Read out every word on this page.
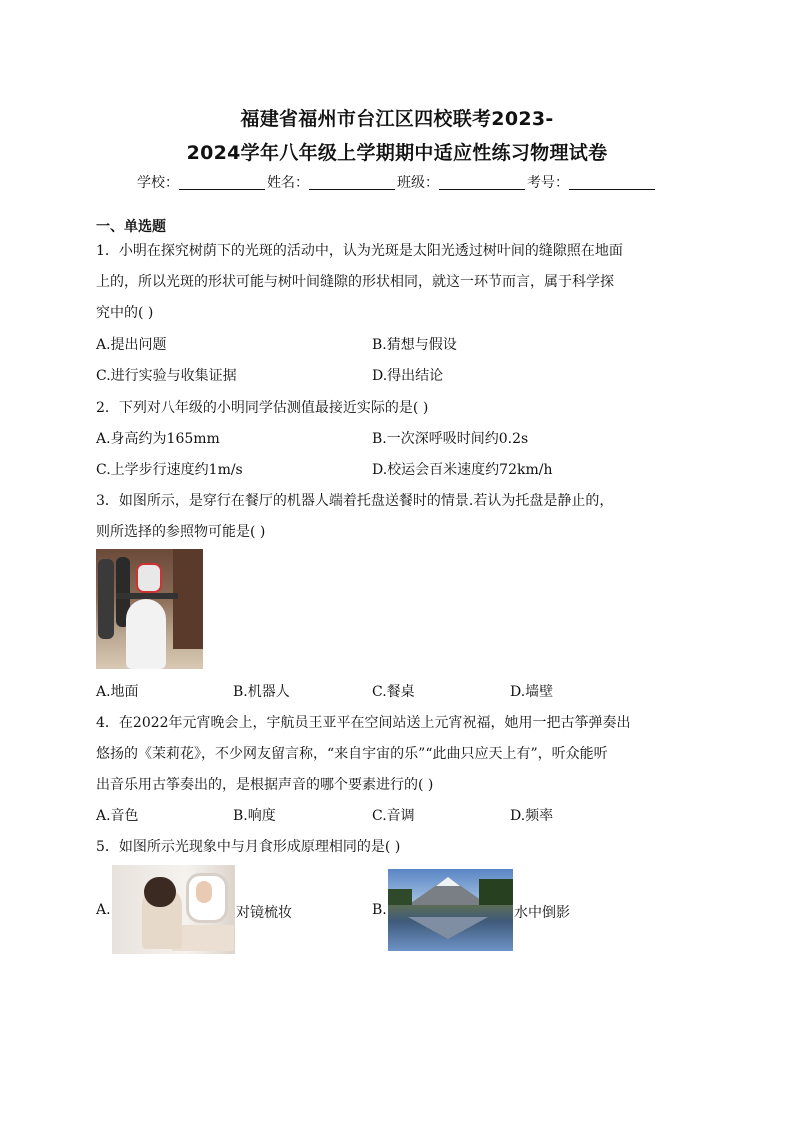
福建省福州市台江区四校联考2023-
2024学年八年级上学期期中适应性练习物理试卷
学校：	姓名：	班级：	考号：
一、单选题
1．小明在探究树荫下的光斑的活动中，认为光斑是太阳光透过树叶间的缝隙照在地面
上的，所以光斑的形状可能与树叶间缝隙的形状相同，就这一环节而言，属于科学探
究中的( )
A.提出问题	B.猜想与假设
C.进行实验与收集证据	D.得出结论
2．下列对八年级的小明同学估测值最接近实际的是( )
A.身高约为165mm	B.一次深呼吸时间约0.2s
C.上学步行速度约1m/s	D.校运会百米速度约72km/h
3．如图所示，是穿行在餐厅的机器人端着托盘送餐时的情景.若认为托盘是静止的，
则所选择的参照物可能是( )
A.地面	B.机器人	C.餐桌	D.墙壁
4．在2022年元宵晚会上，宇航员王亚平在空间站送上元宵祝福，她用一把古筝弹奏出
悠扬的《茉莉花》，不少网友留言称，“来自宇宙的乐”“此曲只应天上有”，听众能听
出音乐用古筝奏出的，是根据声音的哪个要素进行的( )
A.音色	B.响度	C.音调	D.频率
5．如图所示光现象中与月食形成原理相同的是( )
A.	对镜梳妆	B.	水中倒影
